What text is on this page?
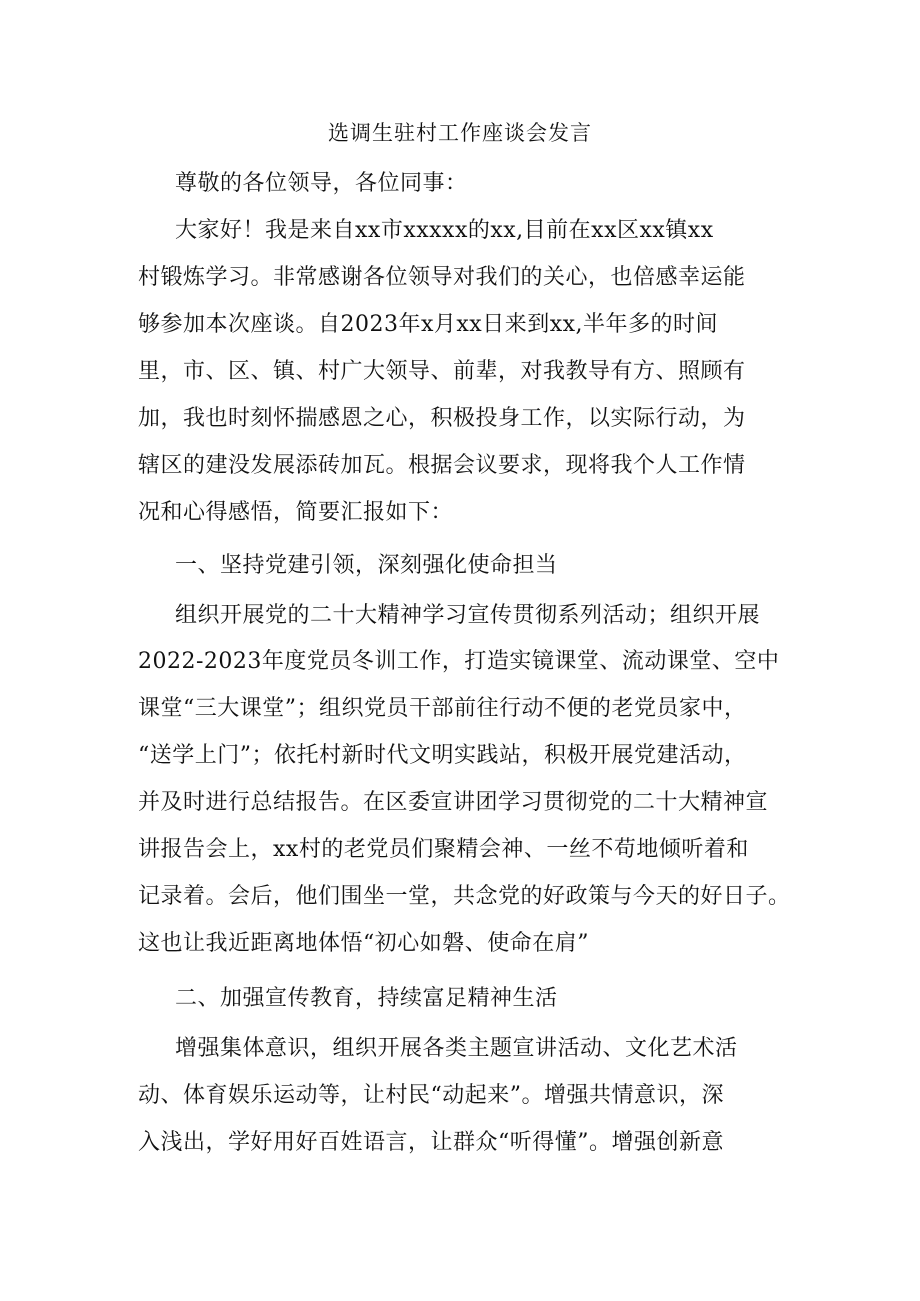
选调生驻村工作座谈会发言
尊敬的各位领导，各位同事：
大家好！我是来自xx市xxxxx的xx,目前在xx区xx镇xx
村锻炼学习。非常感谢各位领导对我们的关心，也倍感幸运能
够参加本次座谈。自2023年x月xx日来到xx,半年多的时间
里，市、区、镇、村广大领导、前辈，对我教导有方、照顾有
加，我也时刻怀揣感恩之心，积极投身工作，以实际行动，为
辖区的建没发展添砖加瓦。根据会议要求，现将我个人工作情
况和心得感悟，简要汇报如下：
一、坚持党建引领，深刻强化使命担当
组织开展党的二十大精神学习宣传贯彻系列活动；组织开展
2022-2023年度党员冬训工作，打造实镜课堂、流动课堂、空中
课堂“三大课堂”；组织党员干部前往行动不便的老党员家中，
“送学上门”；依托村新时代文明实践站，积极开展党建活动，
并及时进行总结报告。在区委宣讲团学习贯彻党的二十大精神宣
讲报告会上，xx村的老党员们聚精会神、一丝不苟地倾听着和
记录着。会后，他们围坐一堂，共念党的好政策与今天的好日子。
这也让我近距离地体悟“初心如磐、使命在肩”
二、加强宣传教育，持续富足精神生活
增强集体意识，组织开展各类主题宣讲活动、文化艺术活
动、体育娱乐运动等，让村民“动起来”。增强共情意识，深
入浅出，学好用好百姓语言，让群众“听得懂”。增强创新意
